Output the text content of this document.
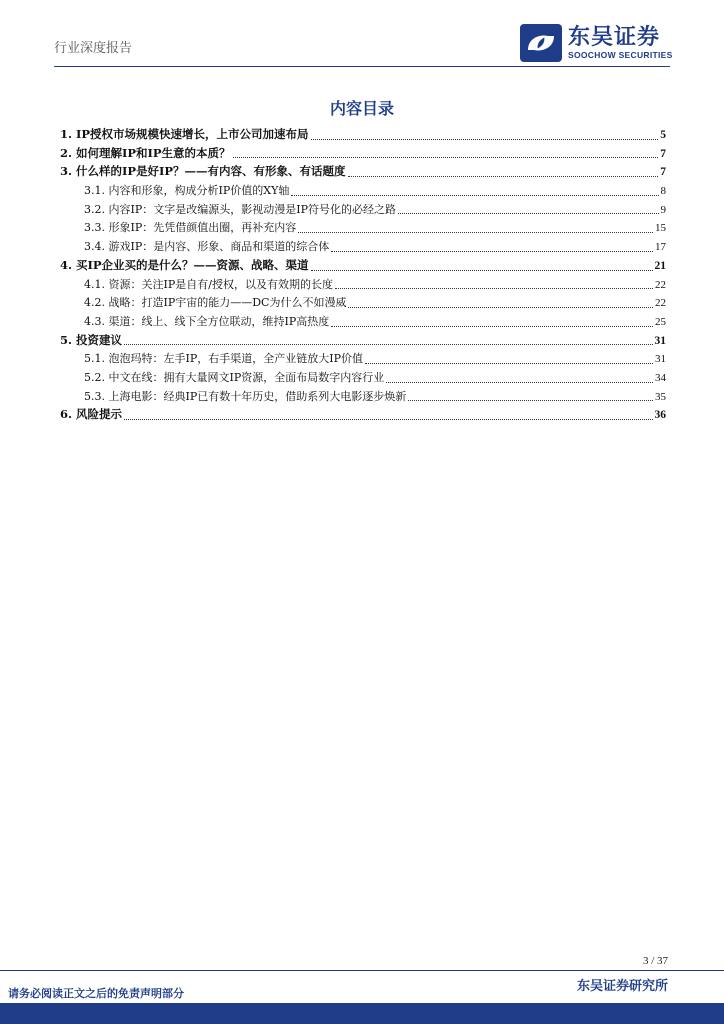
行业深度报告	东吴证券
SOOCHOW SECURITIES
内容目录
1. IP授权市场规模快速增长，上市公司加速布局	5
2. 如何理解IP和IP生意的本质？	7
3. 什么样的IP是好IP？——有内容、有形象、有话题度	7
3.1. 内容和形象，构成分析IP价值的XY轴	8
3.2. 内容IP：文字是改编源头，影视动漫是IP符号化的必经之路	9
3.3. 形象IP：先凭借颜值出圈，再补充内容	15
3.4. 游戏IP：是内容、形象、商品和渠道的综合体	17
4. 买IP企业买的是什么？——资源、战略、渠道	21
4.1. 资源：关注IP是自有/授权，以及有效期的长度	22
4.2. 战略：打造IP宇宙的能力——DC为什么不如漫威	22
4.3. 渠道：线上、线下全方位联动，维持IP高热度	25
5. 投资建议	31
5.1. 泡泡玛特：左手IP，右手渠道，全产业链放大IP价值	31
5.2. 中文在线：拥有大量网文IP资源，全面布局数字内容行业	34
5.3. 上海电影：经典IP已有数十年历史，借助系列大电影逐步焕新	35
6. 风险提示	36
3 / 37
请务必阅读正文之后的免责声明部分	东吴证券研究所
